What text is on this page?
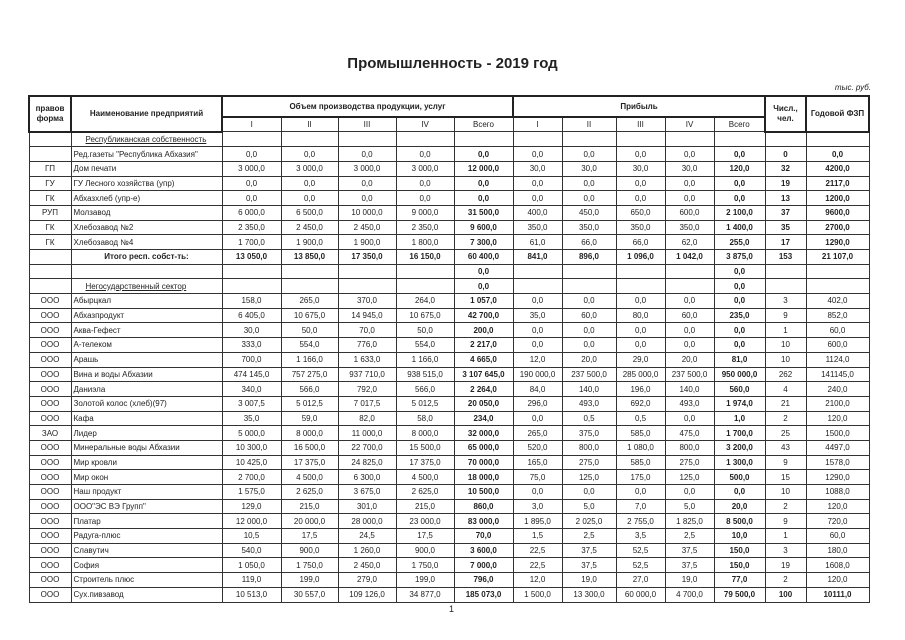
Промышленность - 2019 год
тыс. руб.
правов форма	Наименование предприятий	Объем производства продукции, услуг					Прибыль					Числ., чел.	Годовой ФЗП
		I	II	III	IV	Всего	I	II	III	IV	Всего		
	Республиканская собственность												
	Ред.газеты "Республика Абхазия"	0,0	0,0	0,0	0,0	0,0	0,0	0,0	0,0	0,0	0,0	0	0,0
ГП	Дом печати	3 000,0	3 000,0	3 000,0	3 000,0	12 000,0	30,0	30,0	30,0	30,0	120,0	32	4200,0
ГУ	ГУ Лесного хозяйства (упр)	0,0	0,0	0,0	0,0	0,0	0,0	0,0	0,0	0,0	0,0	19	2117,0
ГК	Абхазхлеб (упр-е)	0,0	0,0	0,0	0,0	0,0	0,0	0,0	0,0	0,0	0,0	13	1200,0
РУП	Молзавод	6 000,0	6 500,0	10 000,0	9 000,0	31 500,0	400,0	450,0	650,0	600,0	2 100,0	37	9600,0
ГК	Хлебозавод №2	2 350,0	2 450,0	2 450,0	2 350,0	9 600,0	350,0	350,0	350,0	350,0	1 400,0	35	2700,0
ГК	Хлебозавод №4	1 700,0	1 900,0	1 900,0	1 800,0	7 300,0	61,0	66,0	66,0	62,0	255,0	17	1290,0
	Итого респ. собст-ть:	13 050,0	13 850,0	17 350,0	16 150,0	60 400,0	841,0	896,0	1 096,0	1 042,0	3 875,0	153	21 107,0
						0,0					0,0		
	Негосударственный сектор					0,0					0,0		
ООО	Абырцкал	158,0	265,0	370,0	264,0	1 057,0	0,0	0,0	0,0	0,0	0,0	3	402,0
ООО	Абхазпродукт	6 405,0	10 675,0	14 945,0	10 675,0	42 700,0	35,0	60,0	80,0	60,0	235,0	9	852,0
ООО	Аква-Гефест	30,0	50,0	70,0	50,0	200,0	0,0	0,0	0,0	0,0	0,0	1	60,0
ООО	А-телеком	333,0	554,0	776,0	554,0	2 217,0	0,0	0,0	0,0	0,0	0,0	10	600,0
ООО	Арашь	700,0	1 166,0	1 633,0	1 166,0	4 665,0	12,0	20,0	29,0	20,0	81,0	10	1124,0
ООО	Вина и воды Абхазии	474 145,0	757 275,0	937 710,0	938 515,0	3 107 645,0	190 000,0	237 500,0	285 000,0	237 500,0	950 000,0	262	141145,0
ООО	Даниэла	340,0	566,0	792,0	566,0	2 264,0	84,0	140,0	196,0	140,0	560,0	4	240,0
ООО	Золотой колос (хлеб)(97)	3 007,5	5 012,5	7 017,5	5 012,5	20 050,0	296,0	493,0	692,0	493,0	1 974,0	21	2100,0
ООО	Кафа	35,0	59,0	82,0	58,0	234,0	0,0	0,5	0,5	0,0	1,0	2	120,0
ЗАО	Лидер	5 000,0	8 000,0	11 000,0	8 000,0	32 000,0	265,0	375,0	585,0	475,0	1 700,0	25	1500,0
ООО	Минеральные воды Абхазии	10 300,0	16 500,0	22 700,0	15 500,0	65 000,0	520,0	800,0	1 080,0	800,0	3 200,0	43	4497,0
ООО	Мир кровли	10 425,0	17 375,0	24 825,0	17 375,0	70 000,0	165,0	275,0	585,0	275,0	1 300,0	9	1578,0
ООО	Мир окон	2 700,0	4 500,0	6 300,0	4 500,0	18 000,0	75,0	125,0	175,0	125,0	500,0	15	1290,0
ООО	Наш продукт	1 575,0	2 625,0	3 675,0	2 625,0	10 500,0	0,0	0,0	0,0	0,0	0,0	10	1088,0
ООО	ООО"ЭС ВЭ Групп"	129,0	215,0	301,0	215,0	860,0	3,0	5,0	7,0	5,0	20,0	2	120,0
ООО	Платар	12 000,0	20 000,0	28 000,0	23 000,0	83 000,0	1 895,0	2 025,0	2 755,0	1 825,0	8 500,0	9	720,0
ООО	Радуга-плюс	10,5	17,5	24,5	17,5	70,0	1,5	2,5	3,5	2,5	10,0	1	60,0
ООО	Славутич	540,0	900,0	1 260,0	900,0	3 600,0	22,5	37,5	52,5	37,5	150,0	3	180,0
ООО	София	1 050,0	1 750,0	2 450,0	1 750,0	7 000,0	22,5	37,5	52,5	37,5	150,0	19	1608,0
ООО	Строитель плюс	119,0	199,0	279,0	199,0	796,0	12,0	19,0	27,0	19,0	77,0	2	120,0
ООО	Сух.пивзавод	10 513,0	30 557,0	109 126,0	34 877,0	185 073,0	1 500,0	13 300,0	60 000,0	4 700,0	79 500,0	100	10111,0
1
